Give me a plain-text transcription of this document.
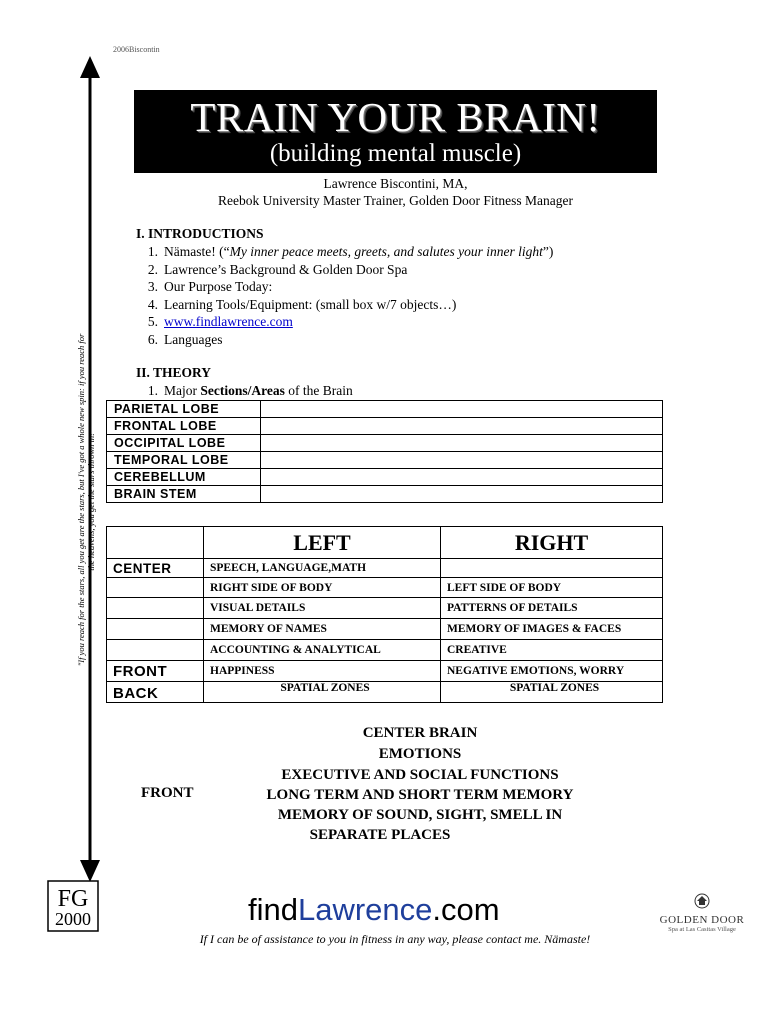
2006Biscontin
"If you reach for the stars, all you get are the stars, but I've got a whole new spin: if you reach for the heavens, you get the stars thrown in!"
TRAIN YOUR BRAIN!
(building mental muscle)
Lawrence Biscontini, MA,
Reebok University Master Trainer, Golden Door Fitness Manager
I. INTRODUCTIONS
1. Nämaste! (“My inner peace meets, greets, and salutes your inner light”)
2. Lawrence’s Background & Golden Door Spa
3. Our Purpose Today:
4. Learning Tools/Equipment: (small box w/7 objects…)
5. www.findlawrence.com
6. Languages
II. THEORY
1. Major Sections/Areas of the Brain
PARIETAL LOBE	
FRONTAL LOBE	
OCCIPITAL LOBE	
TEMPORAL LOBE	
CEREBELLUM	
BRAIN STEM	
	LEFT	RIGHT
CENTER	SPEECH, LANGUAGE,MATH	
	RIGHT SIDE OF BODY	LEFT SIDE OF BODY
	VISUAL DETAILS	PATTERNS OF DETAILS
	MEMORY OF NAMES	MEMORY OF IMAGES & FACES
	ACCOUNTING & ANALYTICAL	CREATIVE
FRONT	HAPPINESS	NEGATIVE EMOTIONS, WORRY
BACK	SPATIAL ZONES	SPATIAL ZONES
CENTER BRAIN
EMOTIONS
EXECUTIVE AND SOCIAL FUNCTIONS
LONG TERM AND SHORT TERM MEMORY
MEMORY OF SOUND, SIGHT, SMELL IN
SEPARATE PLACES
FRONT
FG
2000	findLawrence.com
If I can be of assistance to you in fitness in any way, please contact me. Nämaste!
GOLDEN DOOR
Spa at Las Casitas Village
